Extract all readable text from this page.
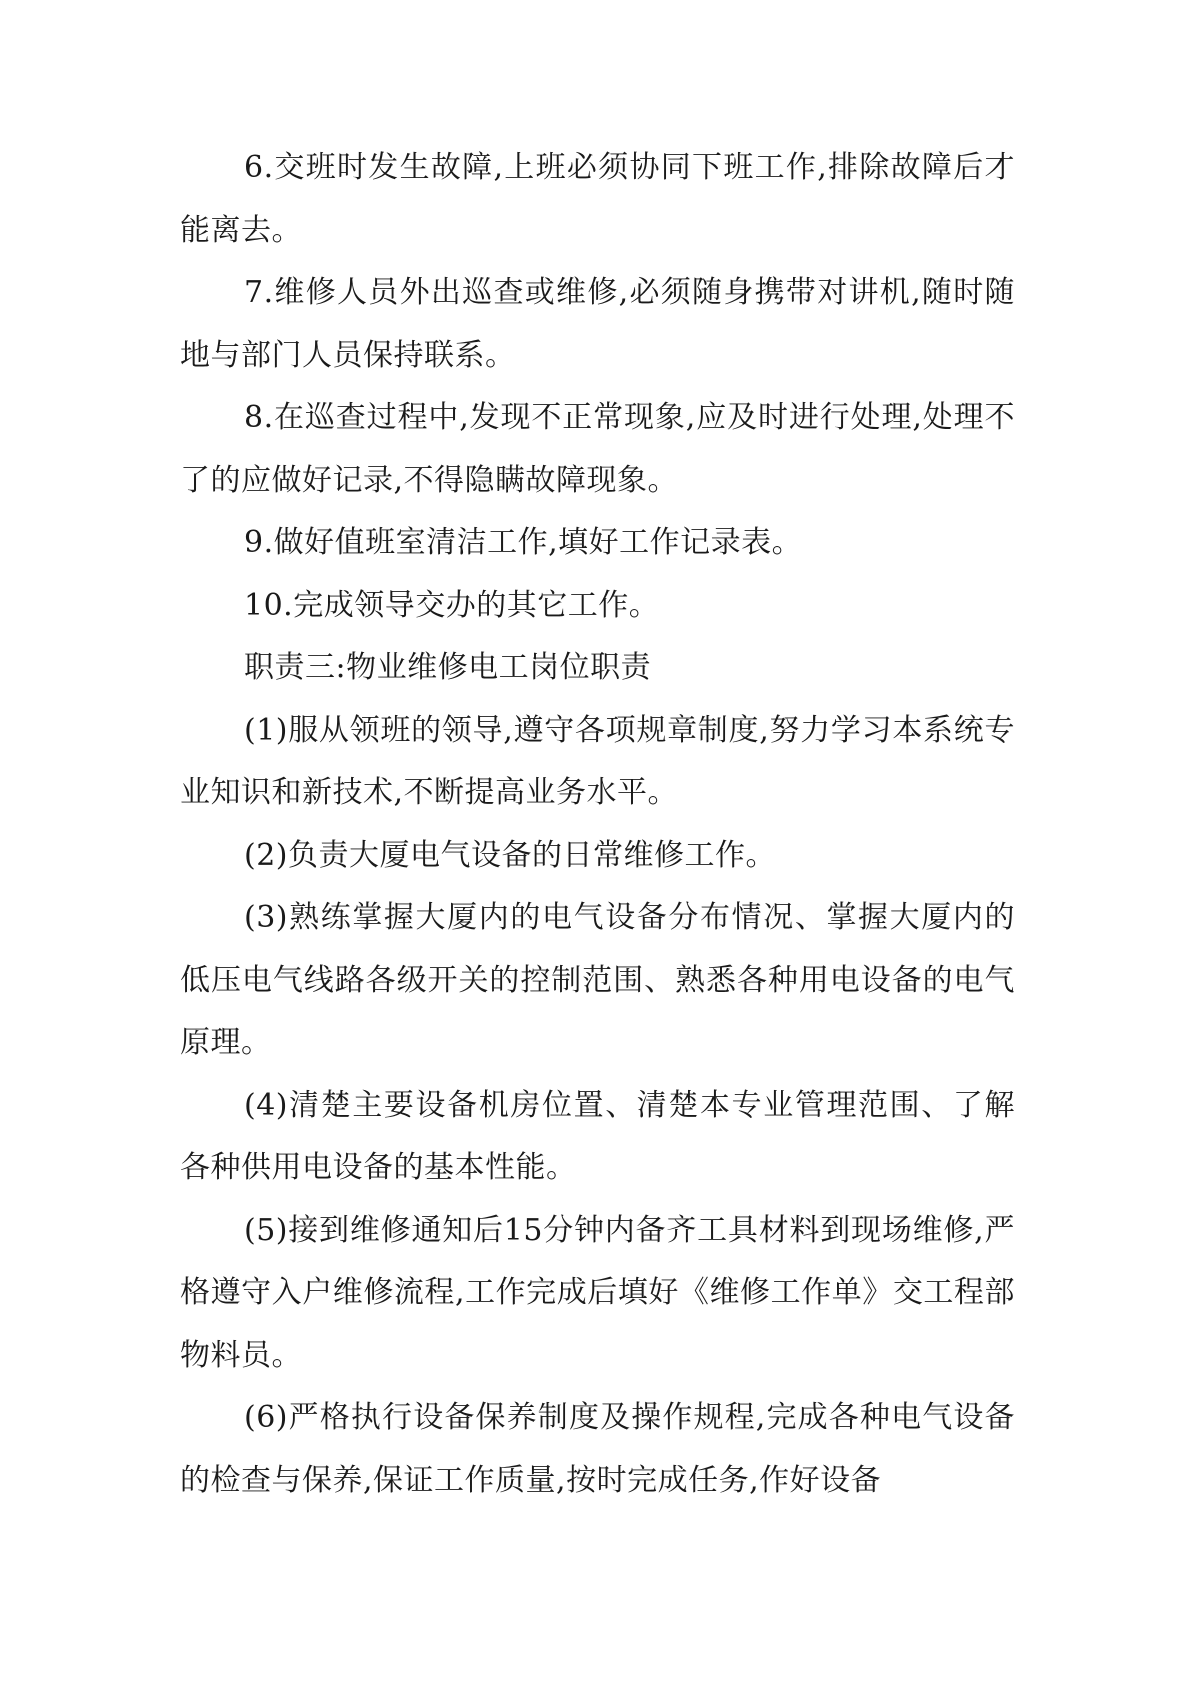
6.交班时发生故障,上班必须协同下班工作,排除故障后才能离去。

7.维修人员外出巡查或维修,必须随身携带对讲机,随时随地与部门人员保持联系。

8.在巡查过程中,发现不正常现象,应及时进行处理,处理不了的应做好记录,不得隐瞒故障现象。

9.做好值班室清洁工作,填好工作记录表。

10.完成领导交办的其它工作。

职责三:物业维修电工岗位职责

(1)服从领班的领导,遵守各项规章制度,努力学习本系统专业知识和新技术,不断提高业务水平。

(2)负责大厦电气设备的日常维修工作。

(3)熟练掌握大厦内的电气设备分布情况、掌握大厦内的低压电气线路各级开关的控制范围、熟悉各种用电设备的电气原理。

(4)清楚主要设备机房位置、清楚本专业管理范围、了解各种供用电设备的基本性能。

(5)接到维修通知后15分钟内备齐工具材料到现场维修,严格遵守入户维修流程,工作完成后填好《维修工作单》交工程部物料员。

(6)严格执行设备保养制度及操作规程,完成各种电气设备的检查与保养,保证工作质量,按时完成任务,作好设备
